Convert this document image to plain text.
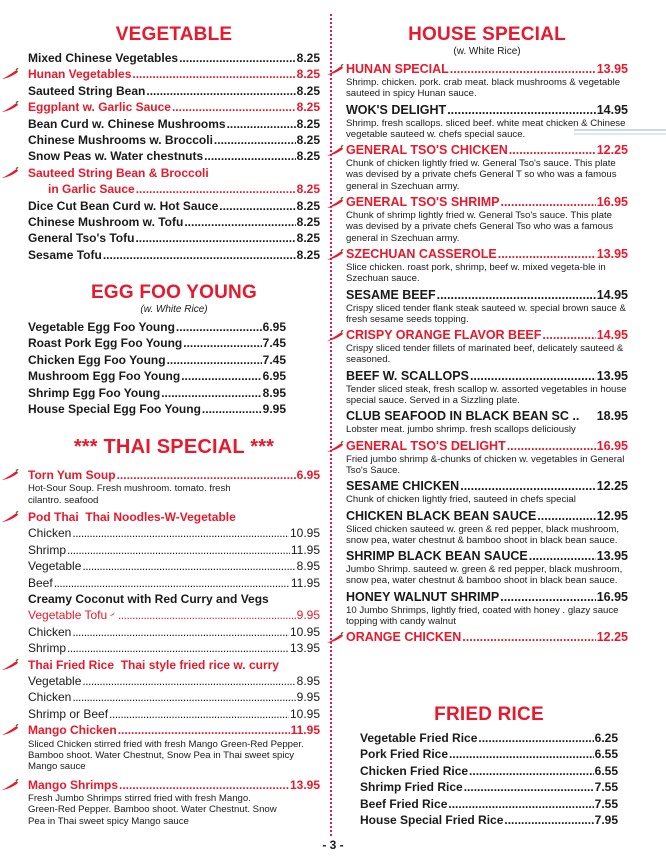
VEGETABLE
Mixed Chinese Vegetables .....	8.25
Hunan Vegetables .....	8.25
Sauteed String Bean .....	8.25
Eggplant w. Garlic Sauce .....	8.25
Bean Curd w. Chinese Mushrooms .....	8.25
Chinese Mushrooms w. Broccoli .....	8.25
Snow Peas w. Water chestnuts .....	8.25
Sauteed String Bean & Broccoli
in Garlic Sauce .....	8.25
Dice Cut Bean Curd w. Hot Sauce .....	8.25
Chinese Mushroom w. Tofu .....	8.25
General Tso's Tofu .....	8.25
Sesame Tofu .....	8.25
EGG FOO YOUNG
(w. White Rice)
Vegetable Egg Foo Young .....	6.95
Roast Pork Egg Foo Young .....	7.45
Chicken Egg Foo Young .....	7.45
Mushroom Egg Foo Young .....	6.95
Shrimp Egg Foo Young .....	8.95
House Special Egg Foo Young .....	9.95
*** THAI SPECIAL ***
Torn Yum Soup .....	6.95
Hot-Sour Soup. Fresh mushroom. tomato. fresh cilantro. seafood
Pod Thai  Thai Noodles-W-Vegetable
Chicken .....	10.95
Shrimp .....	11.95
Vegetable .....	8.95
Beef .....	11.95
Creamy Coconut with Red Curry and Vegs
Vegetable Tofu .....	9.95
Chicken .....	10.95
Shrimp .....	13.95
Thai Fried Rice  Thai style fried rice w. curry
Vegetable .....	8.95
Chicken .....	9.95
Shrimp or Beef .....	10.95
Mango Chicken .....	11.95
Sliced Chicken stirred fried with fresh Mango Green-Red Pepper. Bamboo shoot. Water Chestnut, Snow Pea in Thai sweet spicy Mango sauce
Mango Shrimps .....	13.95
Fresh Jumbo Shrimps stirred fried with fresh Mango. Green-Red Pepper. Bamboo shoot. Water Chestnut. Snow Pea in Thai sweet spicy Mango sauce
HOUSE SPECIAL
(w. White Rice)
HUNAN SPECIAL .....	13.95
Shrimp. chicken. pork. crab meat. black mushrooms & vegetable sauteed in spicy Hunan sauce.
WOK'S DELIGHT .....	14.95
Shrimp. fresh scallops. sliced beef. white meat chicken & Chinese vegetable sauteed w. chefs special sauce.
GENERAL TSO'S CHICKEN .....	12.25
Chunk of chicken lightly fried w. General Tso's sauce. This plate was devised by a private chefs General T so who was a famous general in Szechuan army.
GENERAL TSO'S SHRIMP .....	16.95
Chunk of shrimp lightly fried w. General Tso's sauce. This plate was devised by a private chefs General Tso who was a famous general in Szechuan army.
SZECHUAN CASSEROLE .....	13.95
Slice chicken. roast pork, shrimp, beef w. mixed vegeta-ble in Szechuan sauce.
SESAME BEEF .....	14.95
Crispy sliced tender flank steak sauteed w. special brown sauce & fresh sesame seeds topping.
CRISPY ORANGE FLAVOR BEEF .....	14.95
Crispy sliced tender fillets of marinated beef, delicately sauteed & seasoned.
BEEF W. SCALLOPS .....	13.95
Tender sliced steak, fresh scallop w. assorted vegetables in house special sauce. Served in a Sizzling plate.
CLUB SEAFOOD IN BLACK BEAN SC .. 18.95
Lobster meat. jumbo shrimp. fresh scallops deliciously
GENERAL TSO'S DELIGHT .....	16.95
Fried jumbo shrimp &-chunks of chicken w. vegetables in General Tso's Sauce.
SESAME CHICKEN .....	12.25
Chunk of chicken lightly fried, sauteed in chefs special
CHICKEN BLACK BEAN SAUCE .....	12.95
Sliced chicken sauteed w. green & red pepper, black mushroom, snow pea, water chestnut & bamboo shoot in black bean sauce.
SHRIMP BLACK BEAN SAUCE .....	13.95
Jumbo Shrimp. sauteed w. green & red pepper, black mushroom, snow pea, water chestnut & bamboo shoot in black bean sauce.
HONEY WALNUT SHRIMP .....	16.95
10 Jumbo Shrimps, lightly fried, coated with honey . glazy sauce topping with candy walnut
ORANGE CHICKEN .....	12.25
FRIED RICE
Vegetable Fried Rice .....	6.25
Pork Fried Rice .....	6.55
Chicken Fried Rice .....	6.55
Shrimp Fried Rice .....	7.55
Beef Fried Rice .....	7.55
House Special Fried Rice .....	7.95
- 3 -
